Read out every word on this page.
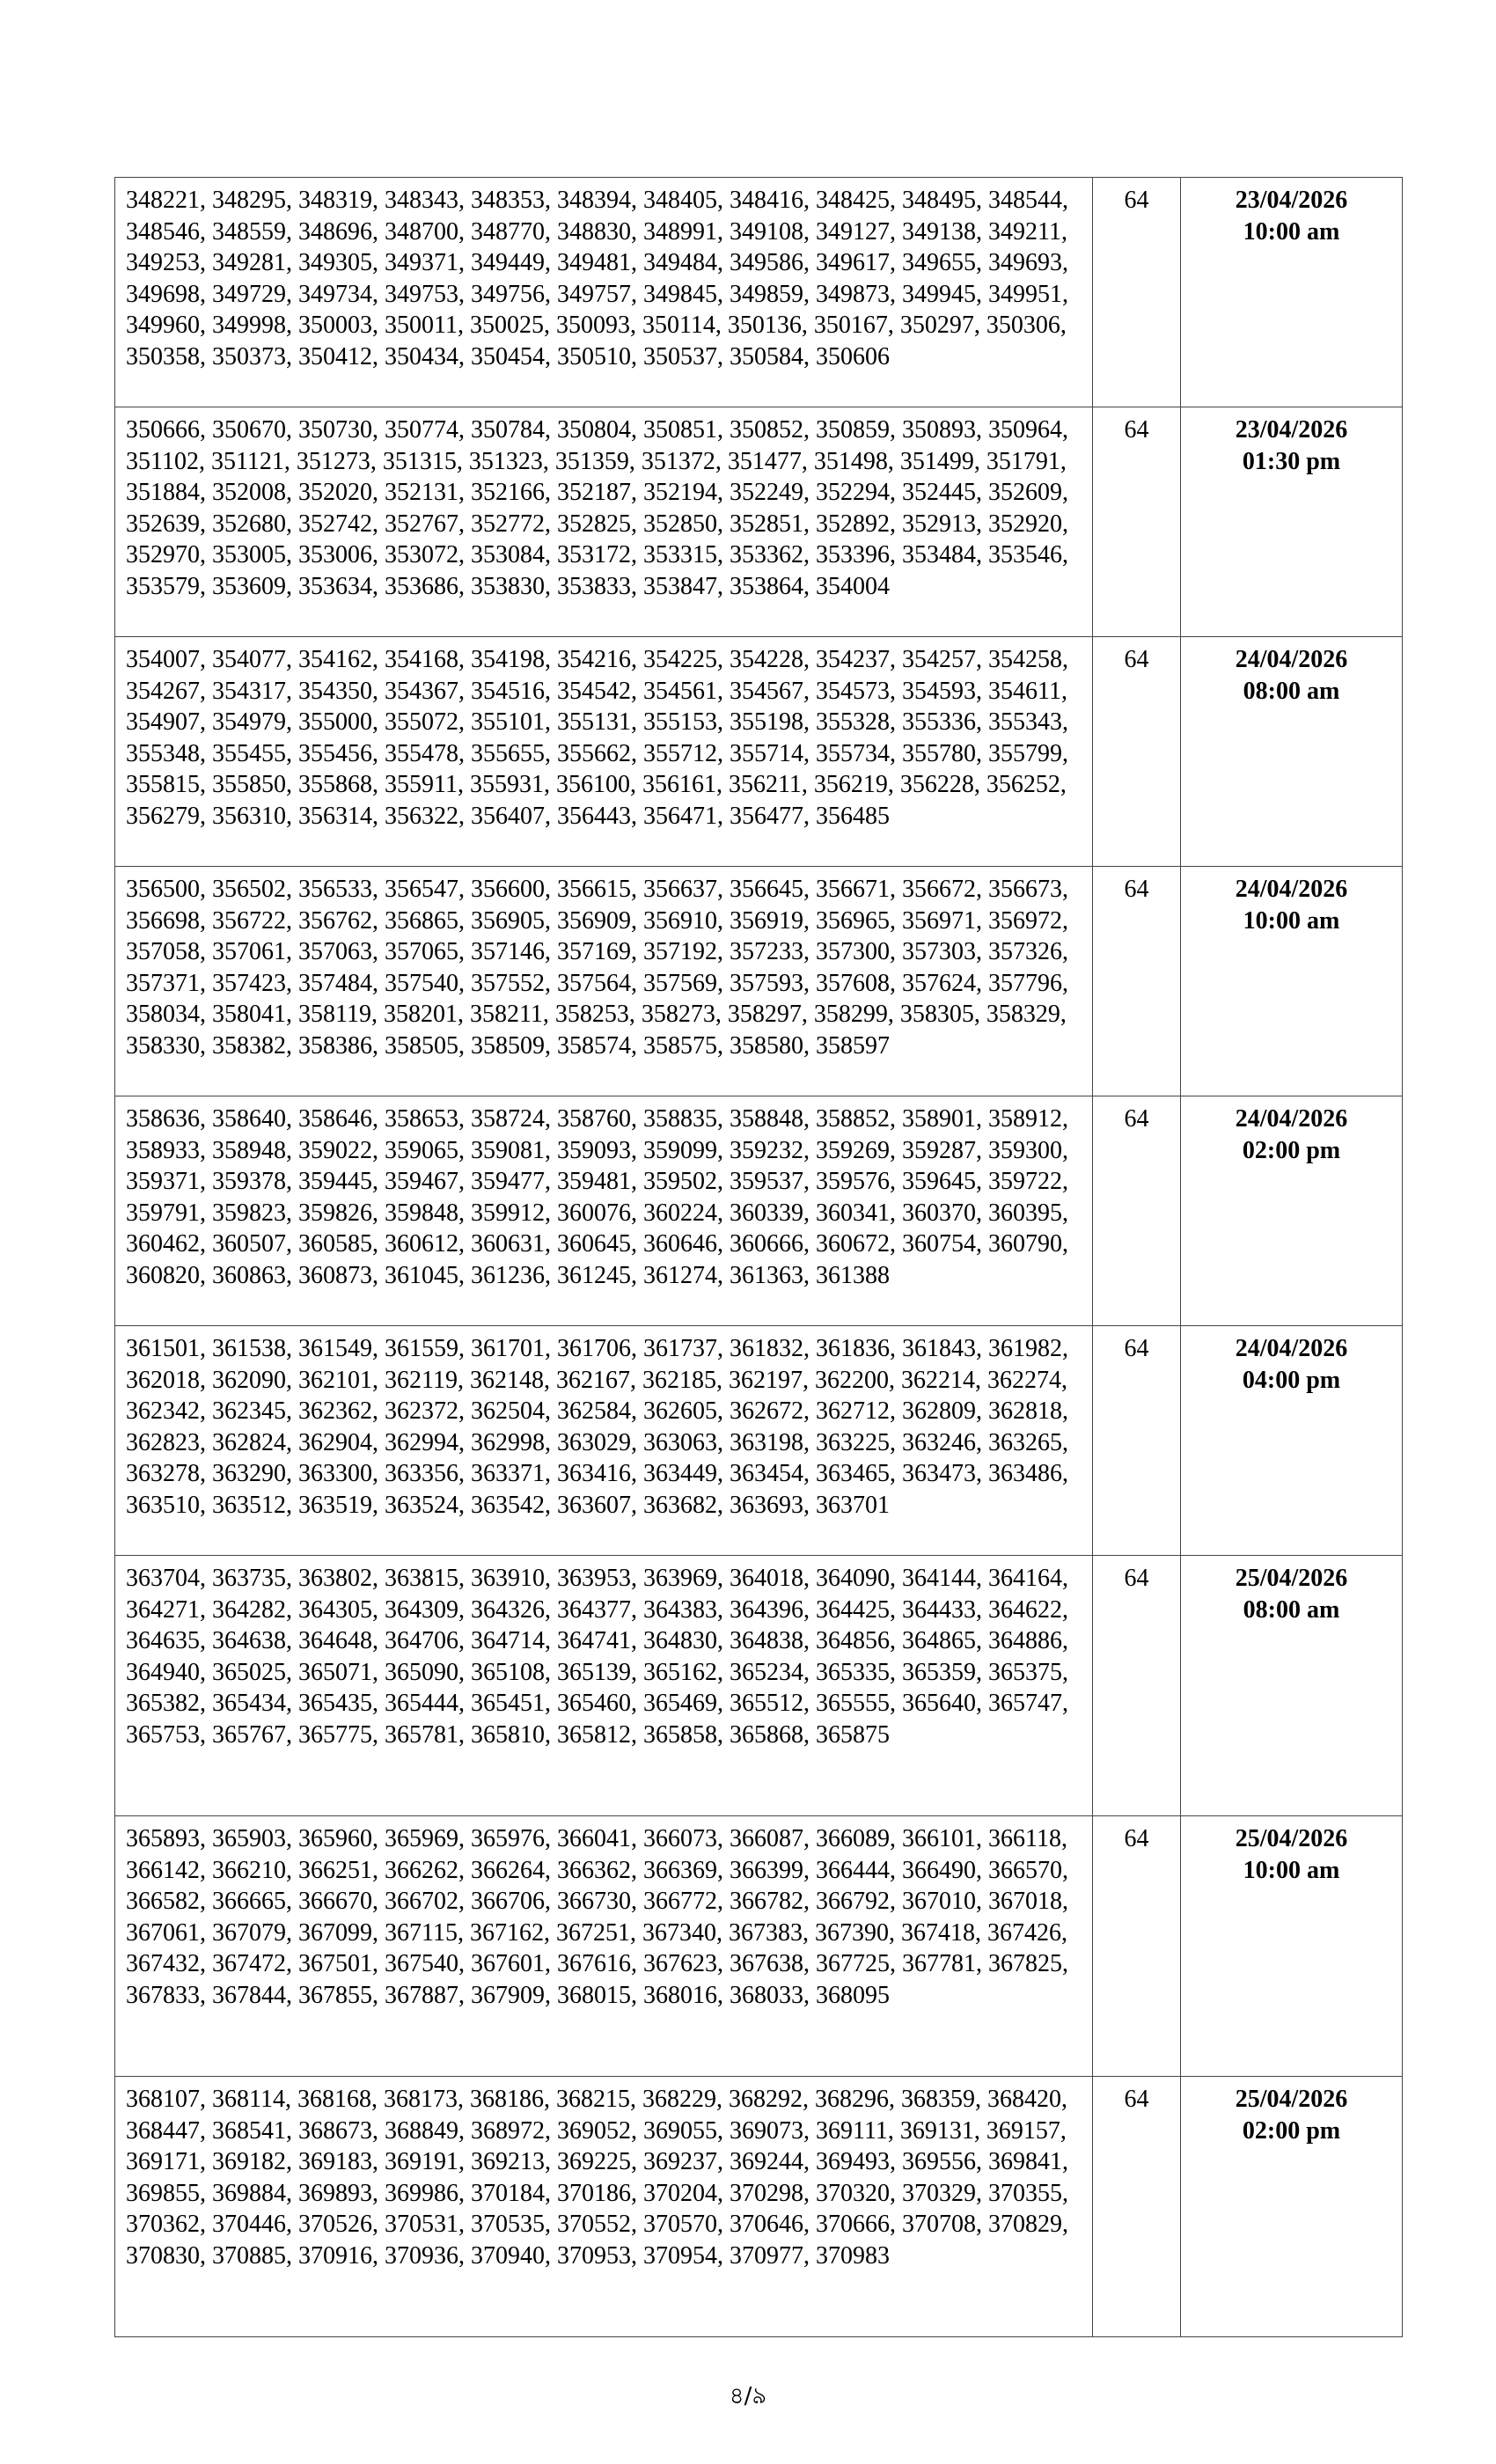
348221, 348295, 348319, 348343, 348353, 348394, 348405, 348416, 348425, 348495, 348544, 348546, 348559, 348696, 348700, 348770, 348830, 348991, 349108, 349127, 349138, 349211, 349253, 349281, 349305, 349371, 349449, 349481, 349484, 349586, 349617, 349655, 349693, 349698, 349729, 349734, 349753, 349756, 349757, 349845, 349859, 349873, 349945, 349951, 349960, 349998, 350003, 350011, 350025, 350093, 350114, 350136, 350167, 350297, 350306, 350358, 350373, 350412, 350434, 350454, 350510, 350537, 350584, 350606	64	23/04/2026
10:00 am

350666, 350670, 350730, 350774, 350784, 350804, 350851, 350852, 350859, 350893, 350964, 351102, 351121, 351273, 351315, 351323, 351359, 351372, 351477, 351498, 351499, 351791, 351884, 352008, 352020, 352131, 352166, 352187, 352194, 352249, 352294, 352445, 352609, 352639, 352680, 352742, 352767, 352772, 352825, 352850, 352851, 352892, 352913, 352920, 352970, 353005, 353006, 353072, 353084, 353172, 353315, 353362, 353396, 353484, 353546, 353579, 353609, 353634, 353686, 353830, 353833, 353847, 353864, 354004	64	23/04/2026
01:30 pm

354007, 354077, 354162, 354168, 354198, 354216, 354225, 354228, 354237, 354257, 354258, 354267, 354317, 354350, 354367, 354516, 354542, 354561, 354567, 354573, 354593, 354611, 354907, 354979, 355000, 355072, 355101, 355131, 355153, 355198, 355328, 355336, 355343, 355348, 355455, 355456, 355478, 355655, 355662, 355712, 355714, 355734, 355780, 355799, 355815, 355850, 355868, 355911, 355931, 356100, 356161, 356211, 356219, 356228, 356252, 356279, 356310, 356314, 356322, 356407, 356443, 356471, 356477, 356485	64	24/04/2026
08:00 am

356500, 356502, 356533, 356547, 356600, 356615, 356637, 356645, 356671, 356672, 356673, 356698, 356722, 356762, 356865, 356905, 356909, 356910, 356919, 356965, 356971, 356972, 357058, 357061, 357063, 357065, 357146, 357169, 357192, 357233, 357300, 357303, 357326, 357371, 357423, 357484, 357540, 357552, 357564, 357569, 357593, 357608, 357624, 357796, 358034, 358041, 358119, 358201, 358211, 358253, 358273, 358297, 358299, 358305, 358329, 358330, 358382, 358386, 358505, 358509, 358574, 358575, 358580, 358597	64	24/04/2026
10:00 am

358636, 358640, 358646, 358653, 358724, 358760, 358835, 358848, 358852, 358901, 358912, 358933, 358948, 359022, 359065, 359081, 359093, 359099, 359232, 359269, 359287, 359300, 359371, 359378, 359445, 359467, 359477, 359481, 359502, 359537, 359576, 359645, 359722, 359791, 359823, 359826, 359848, 359912, 360076, 360224, 360339, 360341, 360370, 360395, 360462, 360507, 360585, 360612, 360631, 360645, 360646, 360666, 360672, 360754, 360790, 360820, 360863, 360873, 361045, 361236, 361245, 361274, 361363, 361388	64	24/04/2026
02:00 pm

361501, 361538, 361549, 361559, 361701, 361706, 361737, 361832, 361836, 361843, 361982, 362018, 362090, 362101, 362119, 362148, 362167, 362185, 362197, 362200, 362214, 362274, 362342, 362345, 362362, 362372, 362504, 362584, 362605, 362672, 362712, 362809, 362818, 362823, 362824, 362904, 362994, 362998, 363029, 363063, 363198, 363225, 363246, 363265, 363278, 363290, 363300, 363356, 363371, 363416, 363449, 363454, 363465, 363473, 363486, 363510, 363512, 363519, 363524, 363542, 363607, 363682, 363693, 363701	64	24/04/2026
04:00 pm

363704, 363735, 363802, 363815, 363910, 363953, 363969, 364018, 364090, 364144, 364164, 364271, 364282, 364305, 364309, 364326, 364377, 364383, 364396, 364425, 364433, 364622, 364635, 364638, 364648, 364706, 364714, 364741, 364830, 364838, 364856, 364865, 364886, 364940, 365025, 365071, 365090, 365108, 365139, 365162, 365234, 365335, 365359, 365375, 365382, 365434, 365435, 365444, 365451, 365460, 365469, 365512, 365555, 365640, 365747, 365753, 365767, 365775, 365781, 365810, 365812, 365858, 365868, 365875	64	25/04/2026
08:00 am

365893, 365903, 365960, 365969, 365976, 366041, 366073, 366087, 366089, 366101, 366118, 366142, 366210, 366251, 366262, 366264, 366362, 366369, 366399, 366444, 366490, 366570, 366582, 366665, 366670, 366702, 366706, 366730, 366772, 366782, 366792, 367010, 367018, 367061, 367079, 367099, 367115, 367162, 367251, 367340, 367383, 367390, 367418, 367426, 367432, 367472, 367501, 367540, 367601, 367616, 367623, 367638, 367725, 367781, 367825, 367833, 367844, 367855, 367887, 367909, 368015, 368016, 368033, 368095	64	25/04/2026
10:00 am

368107, 368114, 368168, 368173, 368186, 368215, 368229, 368292, 368296, 368359, 368420, 368447, 368541, 368673, 368849, 368972, 369052, 369055, 369073, 369111, 369131, 369157, 369171, 369182, 369183, 369191, 369213, 369225, 369237, 369244, 369493, 369556, 369841, 369855, 369884, 369893, 369986, 370184, 370186, 370204, 370298, 370320, 370329, 370355, 370362, 370446, 370526, 370531, 370535, 370552, 370570, 370646, 370666, 370708, 370829, 370830, 370885, 370916, 370936, 370940, 370953, 370954, 370977, 370983	64	25/04/2026
02:00 pm
৪/৯
